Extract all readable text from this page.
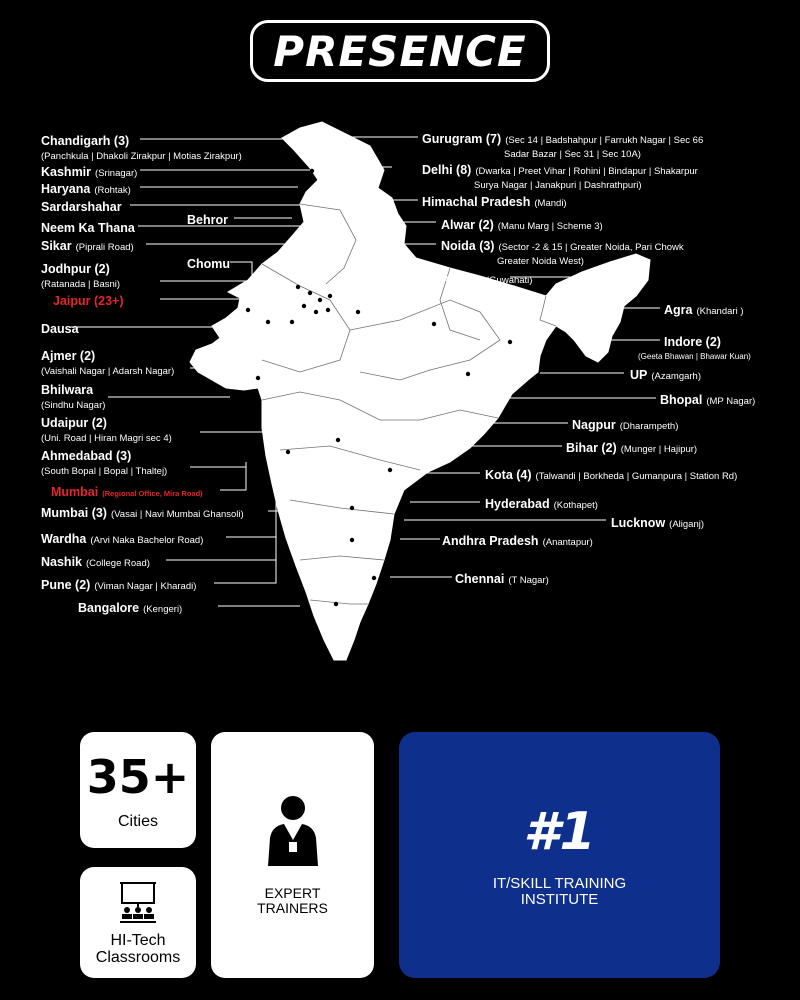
PRESENCE
Chandigarh (3)
(Panchkula | Dhakoli Zirakpur | Motias Zirakpur)
Kashmir (Srinagar)
Haryana (Rohtak)
Sardarshahar
Neem Ka Thana
Sikar (Piprali Road)
Jodhpur (2)
(Ratanada | Basni)
Jaipur (23+)
Dausa
Ajmer (2)
(Vaishali Nagar | Adarsh Nagar)
Bhilwara
(Sindhu Nagar)
Udaipur (2)
(Uni. Road | Hiran Magri sec 4)
Ahmedabad (3)
(South Bopal | Bopal | Thaltej)
Mumbai (Regional Office, Mira Road)
Mumbai (3) (Vasai | Navi Mumbai Ghansoli)
Wardha (Arvi Naka Bachelor Road)
Nashik (College Road)
Pune (2) (Viman Nagar | Kharadi)
Bangalore (Kengeri)
Behror
Chomu
Gurugram (7) (Sec 14 | Badshahpur | Farrukh Nagar | Sec 66
Sadar Bazar | Sec 31 | Sec 10A)
Delhi (8) (Dwarka | Preet Vihar | Rohini | Bindapur | Shakarpur
Surya Nagar | Janakpuri | Dashrathpuri)
Himachal Pradesh (Mandi)
Alwar (2) (Manu Marg | Scheme 3)
Noida (3) (Sector -2 & 15 | Greater Noida, Pari Chowk
Greater Noida West)
Assam (Guwahati)
Agra (Khandari )
Indore (2)
(Geeta Bhawan | Bhawar Kuan)
UP (Azamgarh)
Bhopal (MP Nagar)
Nagpur (Dharampeth)
Bihar (2) (Munger | Hajipur)
Kota (4) (Talwandi | Borkheda | Gumanpura | Station Rd)
Hyderabad (Kothapet)
Lucknow (Aliganj)
Andhra Pradesh (Anantapur)
Chennai (T Nagar)
35+
Cities
HI-Tech
Classrooms
EXPERT
TRAINERS
#1
IT/SKILL TRAINING
INSTITUTE
